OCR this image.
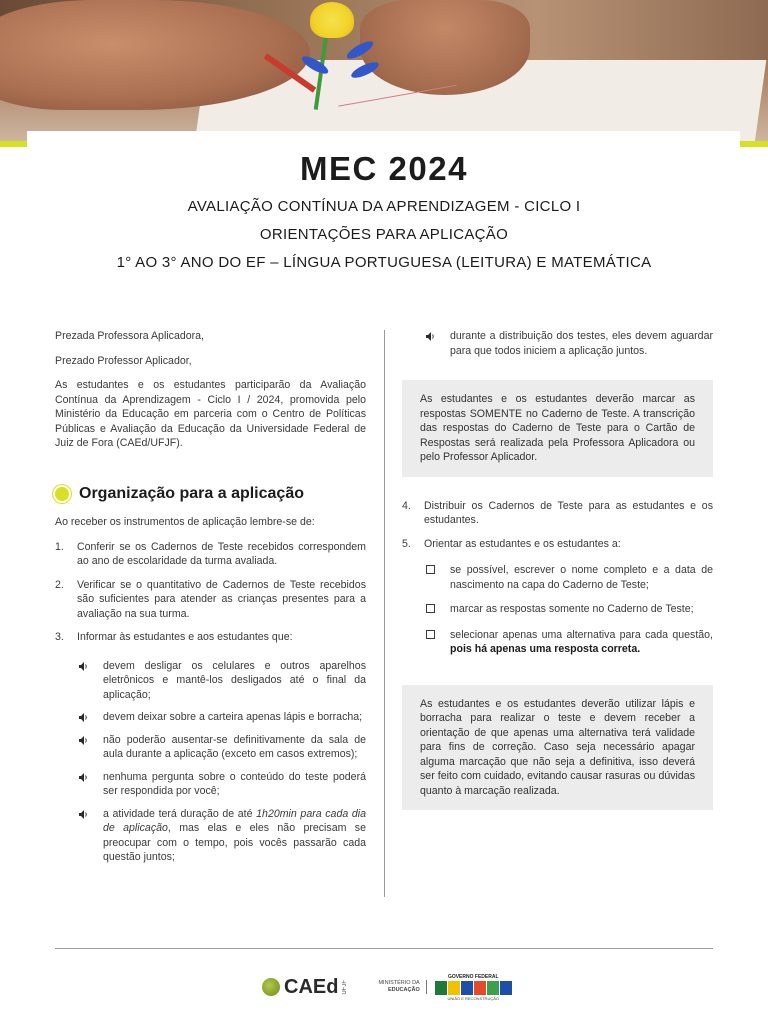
MEC 2024
AVALIAÇÃO CONTÍNUA DA APRENDIZAGEM - CICLO I
ORIENTAÇÕES PARA APLICAÇÃO
1° AO 3° ANO DO EF – LÍNGUA PORTUGUESA (LEITURA) E MATEMÁTICA

Prezada Professora Aplicadora,

Prezado Professor Aplicador,

As estudantes e os estudantes participarão da Avaliação Contínua da Aprendizagem - Ciclo I / 2024, promovida pelo Ministério da Educação em parceria com o Centro de Políticas Públicas e Avaliação da Educação da Universidade Federal de Juiz de Fora (CAEd/UFJF).

Organização para a aplicação

Ao receber os instrumentos de aplicação lembre-se de:

1.	Conferir se os Cadernos de Teste recebidos correspondem ao ano de escolaridade da turma avaliada.
2.	Verificar se o quantitativo de Cadernos de Teste recebidos são suficientes para atender as crianças presentes para a avaliação na sua turma.
3.	Informar às estudantes e aos estudantes que:
devem desligar os celulares e outros aparelhos eletrônicos e mantê-los desligados até o final da aplicação;
devem deixar sobre a carteira apenas lápis e borracha;
não poderão ausentar-se definitivamente da sala de aula durante a aplicação (exceto em casos extremos);
nenhuma pergunta sobre o conteúdo do teste poderá ser respondida por você;
a atividade terá duração de até 1h20min para cada dia de aplicação, mas elas e eles não precisam se preocupar com o tempo, pois vocês passarão cada questão juntos;
durante a distribuição dos testes, eles devem aguardar para que todos iniciem a aplicação juntos.

As estudantes e os estudantes deverão marcar as respostas SOMENTE no Caderno de Teste. A transcrição das respostas do Caderno de Teste para o Cartão de Respostas será realizada pela Professora Aplicadora ou pelo Professor Aplicador.

4.	Distribuir os Cadernos de Teste para as estudantes e os estudantes.
5.	Orientar as estudantes e os estudantes a:
se possível, escrever o nome completo e a data de nascimento na capa do Caderno de Teste;
marcar as respostas somente no Caderno de Teste;
selecionar apenas uma alternativa para cada questão, pois há apenas uma resposta correta.

As estudantes e os estudantes deverão utilizar lápis e borracha para realizar o teste e devem receber a orientação de que apenas uma alternativa terá validade para fins de correção. Caso seja necessário apagar alguma marcação que não seja a definitiva, isso deverá ser feito com cuidado, evitando causar rasuras ou dúvidas quanto à marcação realizada.

CAEd UFJF	MINISTÉRIO DA
EDUCAÇÃO
GOVERNO FEDERAL
UNIÃO E RECONSTRUÇÃO
